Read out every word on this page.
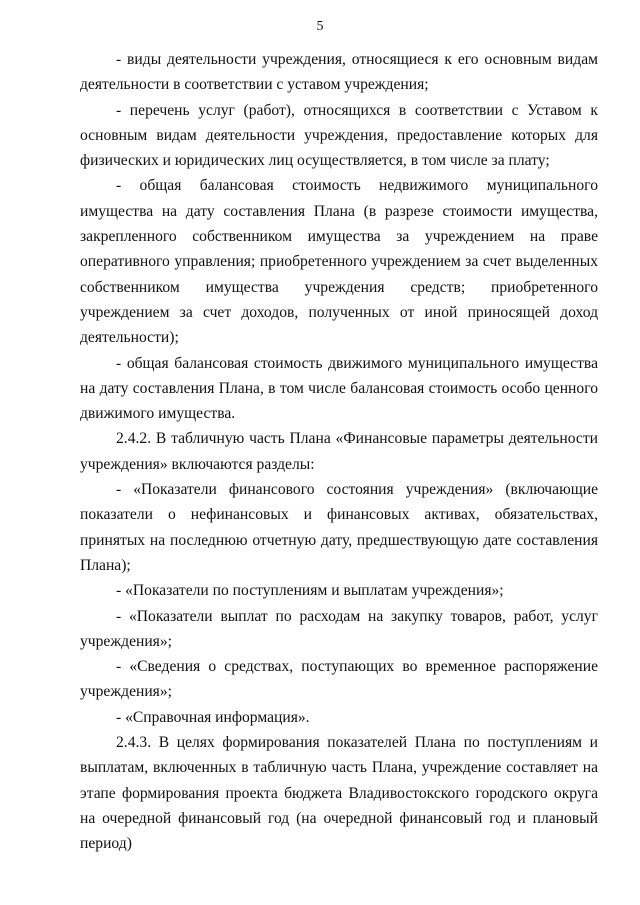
5

- виды деятельности учреждения, относящиеся к его основным видам деятельности в соответствии с уставом учреждения;

- перечень услуг (работ), относящихся в соответствии с Уставом к основным видам деятельности учреждения, предоставление которых для физических и юридических лиц осуществляется, в том числе за плату;

- общая балансовая стоимость недвижимого муниципального имущества на дату составления Плана (в разрезе стоимости имущества, закрепленного собственником имущества за учреждением на праве оперативного управления; приобретенного учреждением за счет выделенных собственником имущества учреждения средств; приобретенного учреждением за счет доходов, полученных от иной приносящей доход деятельности);

- общая балансовая стоимость движимого муниципального имущества на дату составления Плана, в том числе балансовая стоимость особо ценного движимого имущества.

2.4.2. В табличную часть Плана «Финансовые параметры деятельности учреждения» включаются разделы:

- «Показатели финансового состояния учреждения» (включающие показатели о нефинансовых и финансовых активах, обязательствах, принятых на последнюю отчетную дату, предшествующую дате составления Плана);

- «Показатели по поступлениям и выплатам учреждения»;

- «Показатели выплат по расходам на закупку товаров, работ, услуг учреждения»;

- «Сведения о средствах, поступающих во временное распоряжение учреждения»;

- «Справочная информация».

2.4.3. В целях формирования показателей Плана по поступлениям и выплатам, включенных в табличную часть Плана, учреждение составляет на этапе формирования проекта бюджета Владивостокского городского округа на очередной финансовый год (на очередной финансовый год и плановый период)
